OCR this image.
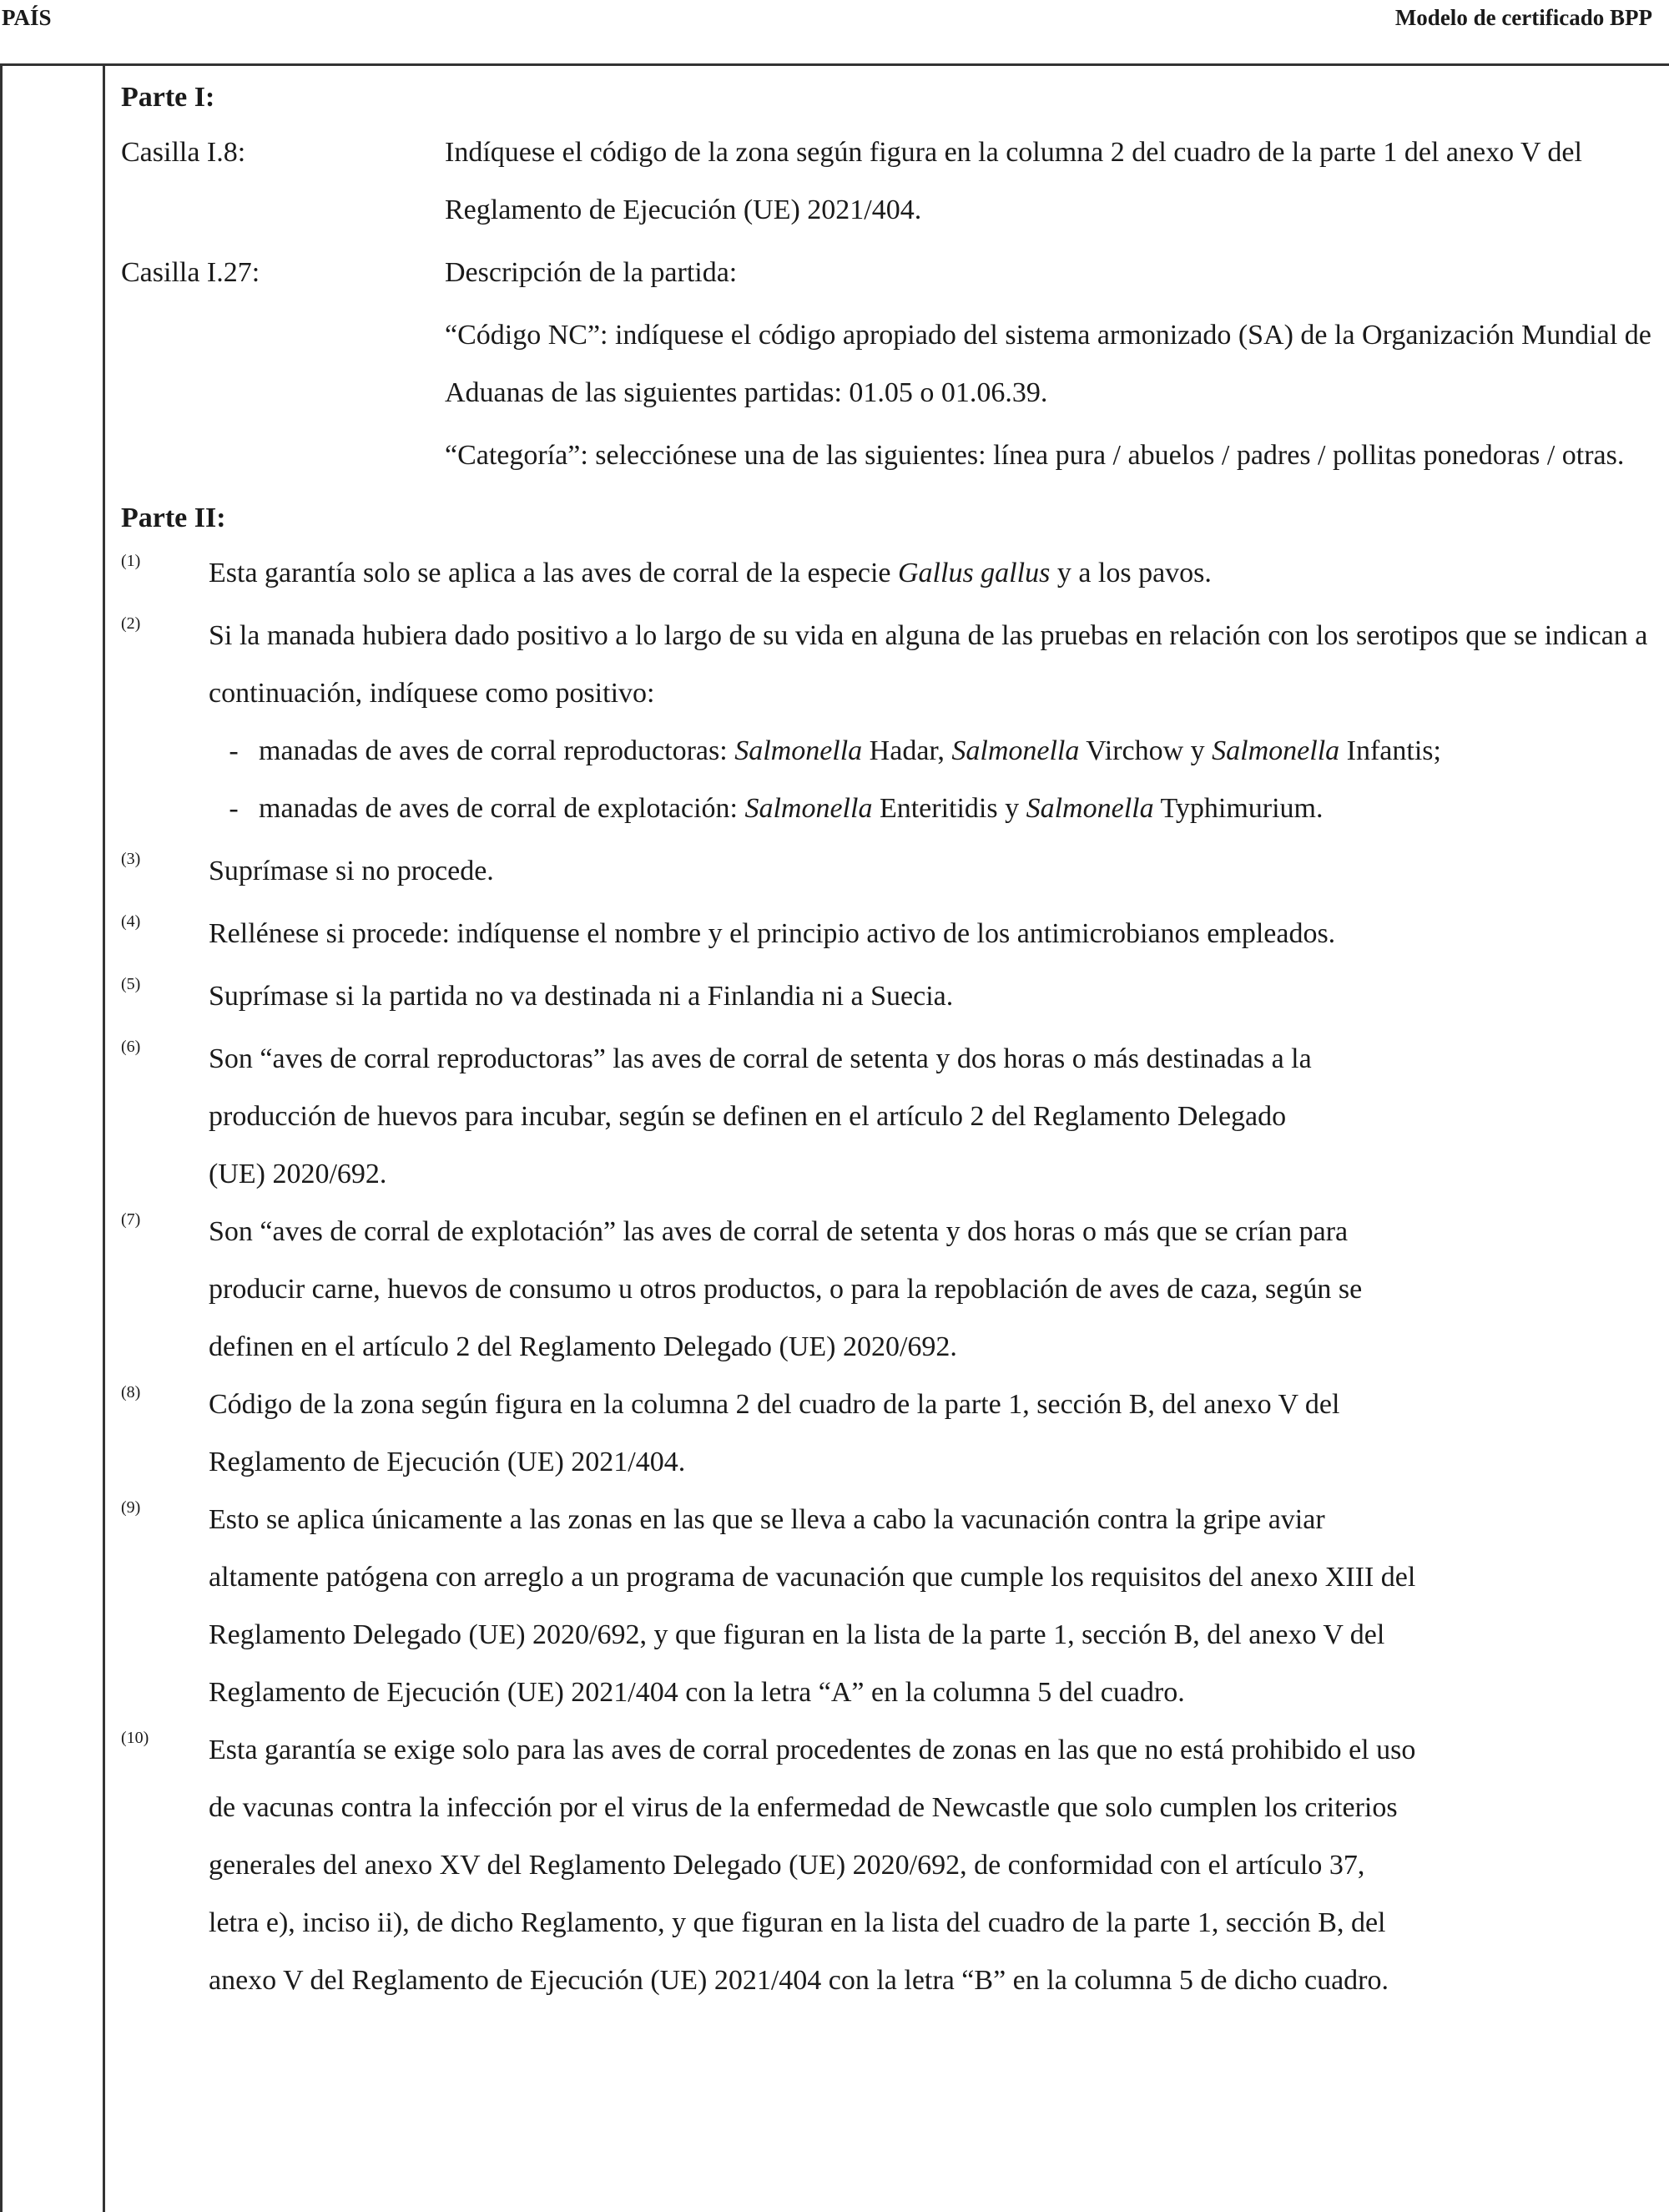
PAÍS	Modelo de certificado BPP
Parte I:
Casilla I.8:	Indíquese el código de la zona según figura en la columna 2 del cuadro de la parte 1 del anexo V del Reglamento de Ejecución (UE) 2021/404.
Casilla I.27:	Descripción de la partida:
“Código NC”: indíquese el código apropiado del sistema armonizado (SA) de la Organización Mundial de Aduanas de las siguientes partidas: 01.05 o 01.06.39.
“Categoría”: selecciónese una de las siguientes: línea pura / abuelos / padres / pollitas ponedoras / otras.
Parte II:
(1)	Esta garantía solo se aplica a las aves de corral de la especie Gallus gallus y a los pavos.
(2)	Si la manada hubiera dado positivo a lo largo de su vida en alguna de las pruebas en relación con los serotipos que se indican a continuación, indíquese como positivo:
- manadas de aves de corral reproductoras: Salmonella Hadar, Salmonella Virchow y Salmonella Infantis;
- manadas de aves de corral de explotación: Salmonella Enteritidis y Salmonella Typhimurium.
(3)	Suprímase si no procede.
(4)	Rellénese si procede: indíquense el nombre y el principio activo de los antimicrobianos empleados.
(5)	Suprímase si la partida no va destinada ni a Finlandia ni a Suecia.
(6)	Son “aves de corral reproductoras” las aves de corral de setenta y dos horas o más destinadas a la
producción de huevos para incubar, según se definen en el artículo 2 del Reglamento Delegado
(UE) 2020/692.
(7)	Son “aves de corral de explotación” las aves de corral de setenta y dos horas o más que se crían para
producir carne, huevos de consumo u otros productos, o para la repoblación de aves de caza, según se
definen en el artículo 2 del Reglamento Delegado (UE) 2020/692.
(8)	Código de la zona según figura en la columna 2 del cuadro de la parte 1, sección B, del anexo V del
Reglamento de Ejecución (UE) 2021/404.
(9)	Esto se aplica únicamente a las zonas en las que se lleva a cabo la vacunación contra la gripe aviar
altamente patógena con arreglo a un programa de vacunación que cumple los requisitos del anexo XIII del
Reglamento Delegado (UE) 2020/692, y que figuran en la lista de la parte 1, sección B, del anexo V del
Reglamento de Ejecución (UE) 2021/404 con la letra “A” en la columna 5 del cuadro.
(10)	Esta garantía se exige solo para las aves de corral procedentes de zonas en las que no está prohibido el uso
de vacunas contra la infección por el virus de la enfermedad de Newcastle que solo cumplen los criterios
generales del anexo XV del Reglamento Delegado (UE) 2020/692, de conformidad con el artículo 37,
letra e), inciso ii), de dicho Reglamento, y que figuran en la lista del cuadro de la parte 1, sección B, del
anexo V del Reglamento de Ejecución (UE) 2021/404 con la letra “B” en la columna 5 de dicho cuadro.
